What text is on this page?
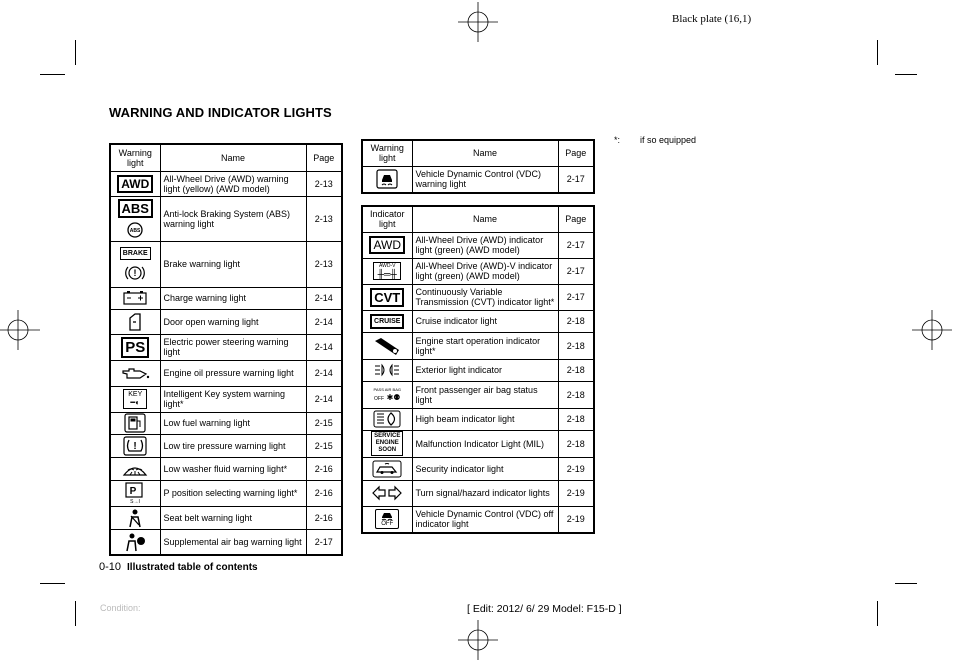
Black plate (16,1)
WARNING AND INDICATOR LIGHTS
*: if so equipped
Warning light	Name	Page
AWD	All-Wheel Drive (AWD) warning light (yellow) (AWD model)	2-13
ABS
ABS	Anti-lock Braking System (ABS) warning light	2-13
BRAKE
!	Brake warning light	2-13
	Charge warning light	2-14
	Door open warning light	2-14
PS	Electric power steering warning light	2-14
	Engine oil pressure warning light	2-14

KEY
━◐	Intelligent Key system warning light*	2-14
	Low fuel warning light	2-15

!	Low tire pressure warning light	2-15
	Low washer fluid warning light*	2-16

P
S→I	P position selecting warning light*	2-16
	Seat belt warning light	2-16
	Supplemental air bag warning light	2-17
Warning light	Name	Page
	Vehicle Dynamic Control (VDC) warning light	2-17
Indicator light	Name	Page
AWD	All-Wheel Drive (AWD) indicator light (green) (AWD model)	2-17

AWD-V
╫═╫	All-Wheel Drive (AWD)-V indicator light (green) (AWD model)	2-17
CVT	Continuously Variable Transmission (CVT) indicator light*	2-17
CRUISE	Cruise indicator light	2-18
	Engine start operation indicator light*	2-18
	Exterior light indicator	2-18

PASS AIR BAG
OFF ✱⚉	Front passenger air bag status light	2-18
	High beam indicator light	2-18
SERVICE ENGINE SOON	Malfunction Indicator Light (MIL)	2-18
	Security indicator light	2-19
	Turn signal/hazard indicator lights	2-19

OFF	Vehicle Dynamic Control (VDC) off indicator light	2-19
0-10 Illustrated table of contents
Condition:	[ Edit: 2012/ 6/ 29 Model: F15-D ]
